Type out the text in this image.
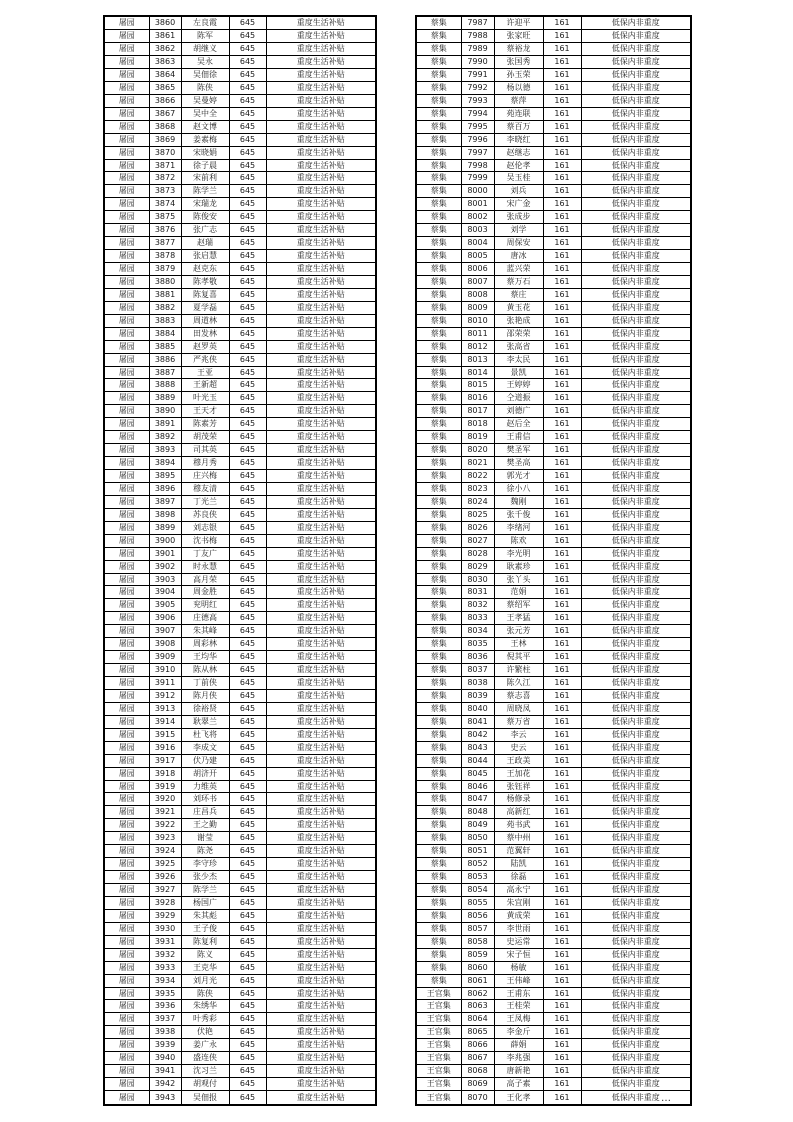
屠园	3860	左良霞	645	重度生活补贴
屠园	3861	陈军	645	重度生活补贴
屠园	3862	胡继义	645	重度生活补贴
屠园	3863	吴永	645	重度生活补贴
屠园	3864	吴佃徐	645	重度生活补贴
屠园	3865	陈侠	645	重度生活补贴
屠园	3866	吴曼婷	645	重度生活补贴
屠园	3867	吴中全	645	重度生活补贴
屠园	3868	赵文博	645	重度生活补贴
屠园	3869	姜素梅	645	重度生活补贴
屠园	3870	宋晓娟	645	重度生活补贴
屠园	3871	徐子晨	645	重度生活补贴
屠园	3872	宋前利	645	重度生活补贴
屠园	3873	陈学兰	645	重度生活补贴
屠园	3874	宋瑞龙	645	重度生活补贴
屠园	3875	陈俊安	645	重度生活补贴
屠园	3876	张广志	645	重度生活补贴
屠园	3877	赵瑞	645	重度生活补贴
屠园	3878	张启慧	645	重度生活补贴
屠园	3879	赵克东	645	重度生活补贴
屠园	3880	陈孝敬	645	重度生活补贴
屠园	3881	陈复喜	645	重度生活补贴
屠园	3882	夏学磊	645	重度生活补贴
屠园	3883	周道林	645	重度生活补贴
屠园	3884	田发林	645	重度生活补贴
屠园	3885	赵罗英	645	重度生活补贴
屠园	3886	严兆侠	645	重度生活补贴
屠园	3887	王亚	645	重度生活补贴
屠园	3888	王新超	645	重度生活补贴
屠园	3889	叶光玉	645	重度生活补贴
屠园	3890	王天才	645	重度生活补贴
屠园	3891	陈素芳	645	重度生活补贴
屠园	3892	胡茂荣	645	重度生活补贴
屠园	3893	司其英	645	重度生活补贴
屠园	3894	穆月秀	645	重度生活补贴
屠园	3895	庄兴梅	645	重度生活补贴
屠园	3896	穆友清	645	重度生活补贴
屠园	3897	丁光兰	645	重度生活补贴
屠园	3898	苏良侠	645	重度生活补贴
屠园	3899	刘志银	645	重度生活补贴
屠园	3900	沈书梅	645	重度生活补贴
屠园	3901	丁友广	645	重度生活补贴
屠园	3902	时永慧	645	重度生活补贴
屠园	3903	高月荣	645	重度生活补贴
屠园	3904	周金胜	645	重度生活补贴
屠园	3905	兖明红	645	重度生活补贴
屠园	3906	庄德高	645	重度生活补贴
屠园	3907	朱其峰	645	重度生活补贴
屠园	3908	周彩林	645	重度生活补贴
屠园	3909	王均华	645	重度生活补贴
屠园	3910	陈从林	645	重度生活补贴
屠园	3911	丁前侠	645	重度生活补贴
屠园	3912	陈月侠	645	重度生活补贴
屠园	3913	徐裕贤	645	重度生活补贴
屠园	3914	耿翠兰	645	重度生活补贴
屠园	3915	杜飞将	645	重度生活补贴
屠园	3916	李成文	645	重度生活补贴
屠园	3917	伏乃建	645	重度生活补贴
屠园	3918	胡济开	645	重度生活补贴
屠园	3919	力维英	645	重度生活补贴
屠园	3920	刘环书	645	重度生活补贴
屠园	3921	庄昌兵	645	重度生活补贴
屠园	3922	王之勤	645	重度生活补贴
屠园	3923	谢莹	645	重度生活补贴
屠园	3924	陈尧	645	重度生活补贴
屠园	3925	李守珍	645	重度生活补贴
屠园	3926	张少杰	645	重度生活补贴
屠园	3927	陈学兰	645	重度生活补贴
屠园	3928	杨国广	645	重度生活补贴
屠园	3929	朱其彪	645	重度生活补贴
屠园	3930	王子俊	645	重度生活补贴
屠园	3931	陈复利	645	重度生活补贴
屠园	3932	陈义	645	重度生活补贴
屠园	3933	王克华	645	重度生活补贴
屠园	3934	刘月光	645	重度生活补贴
屠园	3935	陈侠	645	重度生活补贴
屠园	3936	朱绣华	645	重度生活补贴
屠园	3937	叶秀彩	645	重度生活补贴
屠园	3938	伏艳	645	重度生活补贴
屠园	3939	姜广永	645	重度生活补贴
屠园	3940	盛连侠	645	重度生活补贴
屠园	3941	沈习兰	645	重度生活补贴
屠园	3942	胡观付	645	重度生活补贴
屠园	3943	吴佃报	645	重度生活补贴
蔡集	7987	许迎平	161	低保内非重度
蔡集	7988	张家旺	161	低保内非重度
蔡集	7989	蔡裕龙	161	低保内非重度
蔡集	7990	张国秀	161	低保内非重度
蔡集	7991	孙玉荣	161	低保内非重度
蔡集	7992	杨以德	161	低保内非重度
蔡集	7993	蔡萍	161	低保内非重度
蔡集	7994	苑连联	161	低保内非重度
蔡集	7995	蔡百万	161	低保内非重度
蔡集	7996	李晓红	161	低保内非重度
蔡集	7997	赵继志	161	低保内非重度
蔡集	7998	赵伦孝	161	低保内非重度
蔡集	7999	吴玉桂	161	低保内非重度
蔡集	8000	刘兵	161	低保内非重度
蔡集	8001	宋广金	161	低保内非重度
蔡集	8002	张成步	161	低保内非重度
蔡集	8003	刘学	161	低保内非重度
蔡集	8004	周保安	161	低保内非重度
蔡集	8005	唐冰	161	低保内非重度
蔡集	8006	蓝兴荣	161	低保内非重度
蔡集	8007	蔡万石	161	低保内非重度
蔡集	8008	蔡庄	161	低保内非重度
蔡集	8009	黄玉花	161	低保内非重度
蔡集	8010	张艳成	161	低保内非重度
蔡集	8011	邵荣荣	161	低保内非重度
蔡集	8012	张高省	161	低保内非重度
蔡集	8013	李太民	161	低保内非重度
蔡集	8014	景凯	161	低保内非重度
蔡集	8015	王婷婷	161	低保内非重度
蔡集	8016	仝道振	161	低保内非重度
蔡集	8017	刘德广	161	低保内非重度
蔡集	8018	赵后全	161	低保内非重度
蔡集	8019	王甫信	161	低保内非重度
蔡集	8020	樊圣军	161	低保内非重度
蔡集	8021	樊圣高	161	低保内非重度
蔡集	8022	郭光才	161	低保内非重度
蔡集	8023	徐小八	161	低保内非重度
蔡集	8024	魏刚	161	低保内非重度
蔡集	8025	张千俊	161	低保内非重度
蔡集	8026	李绪河	161	低保内非重度
蔡集	8027	陈欢	161	低保内非重度
蔡集	8028	李光明	161	低保内非重度
蔡集	8029	耿素珍	161	低保内非重度
蔡集	8030	张丫头	161	低保内非重度
蔡集	8031	范娟	161	低保内非重度
蔡集	8032	蔡绍军	161	低保内非重度
蔡集	8033	王孝猛	161	低保内非重度
蔡集	8034	张元芳	161	低保内非重度
蔡集	8035	王林	161	低保内非重度
蔡集	8036	倪其平	161	低保内非重度
蔡集	8037	许繁柱	161	低保内非重度
蔡集	8038	陈久江	161	低保内非重度
蔡集	8039	蔡志喜	161	低保内非重度
蔡集	8040	周晓凤	161	低保内非重度
蔡集	8041	蔡万省	161	低保内非重度
蔡集	8042	李云	161	低保内非重度
蔡集	8043	史云	161	低保内非重度
蔡集	8044	王政美	161	低保内非重度
蔡集	8045	王加花	161	低保内非重度
蔡集	8046	张钰祥	161	低保内非重度
蔡集	8047	杨修录	161	低保内非重度
蔡集	8048	高新红	161	低保内非重度
蔡集	8049	苑书武	161	低保内非重度
蔡集	8050	蔡中州	161	低保内非重度
蔡集	8051	范翼轩	161	低保内非重度
蔡集	8052	陆凯	161	低保内非重度
蔡集	8053	徐磊	161	低保内非重度
蔡集	8054	高永宁	161	低保内非重度
蔡集	8055	朱宜刚	161	低保内非重度
蔡集	8056	黄成荣	161	低保内非重度
蔡集	8057	李世雨	161	低保内非重度
蔡集	8058	史运常	161	低保内非重度
蔡集	8059	宋子恒	161	低保内非重度
蔡集	8060	杨敏	161	低保内非重度
蔡集	8061	王伟峰	161	低保内非重度
王官集	8062	王甫东	161	低保内非重度
王官集	8063	王桂荣	161	低保内非重度
王官集	8064	王凤梅	161	低保内非重度
王官集	8065	李金斤	161	低保内非重度
王官集	8066	薛娟	161	低保内非重度
王官集	8067	李兆强	161	低保内非重度
王官集	8068	唐新艳	161	低保内非重度
王官集	8069	高子素	161	低保内非重度
王官集	8070	王化孝	161	低保内非重度 …
